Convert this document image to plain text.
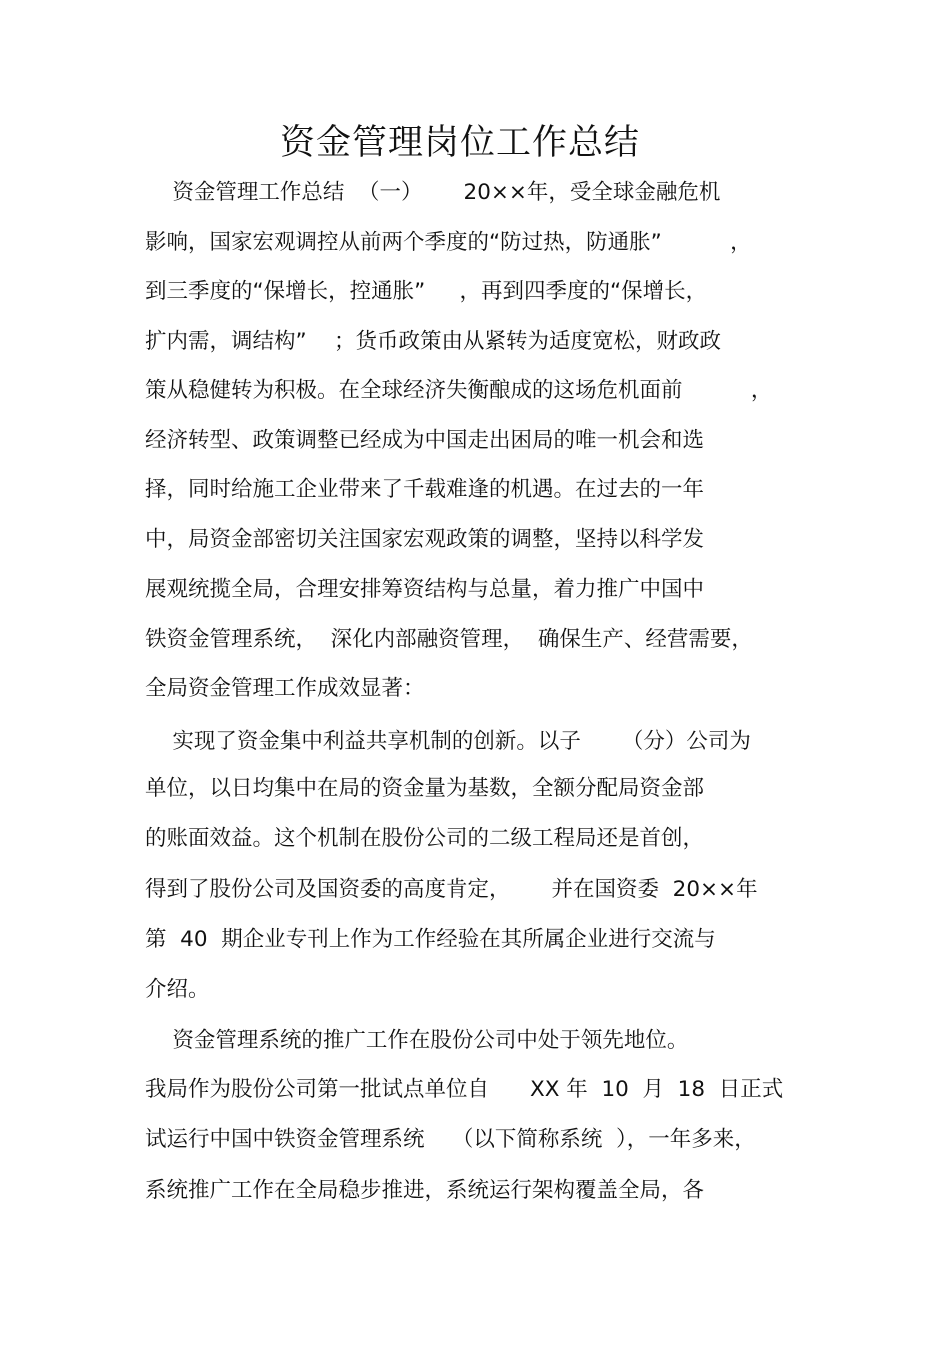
资金管理岗位工作总结
资金管理工作总结  （一）      20××年，受全球金融危机
影响，国家宏观调控从前两个季度的“防过热，防通胀”          ，
到三季度的“保增长，控通胀”     ，再到四季度的“保增长，
扩内需，调结构”    ；货币政策由从紧转为适度宽松，财政政
策从稳健转为积极。在全球经济失衡酿成的这场危机面前          ，
经济转型、政策调整已经成为中国走出困局的唯一机会和选
择，同时给施工企业带来了千载难逢的机遇。在过去的一年
中，局资金部密切关注国家宏观政策的调整，坚持以科学发
展观统揽全局，合理安排筹资结构与总量，着力推广中国中
铁资金管理系统，  深化内部融资管理，  确保生产、经营需要，
全局资金管理工作成效显著：
实现了资金集中利益共享机制的创新。以子      （分）公司为
单位，以日均集中在局的资金量为基数，全额分配局资金部
的账面效益。这个机制在股份公司的二级工程局还是首创，
得到了股份公司及国资委的高度肯定，      并在国资委  20××年
第  40  期企业专刊上作为工作经验在其所属企业进行交流与
介绍。
资金管理系统的推广工作在股份公司中处于领先地位。
我局作为股份公司第一批试点单位自      XX 年  10  月  18  日正式
试运行中国中铁资金管理系统    （以下简称系统  ），一年多来，
系统推广工作在全局稳步推进，系统运行架构覆盖全局，各
